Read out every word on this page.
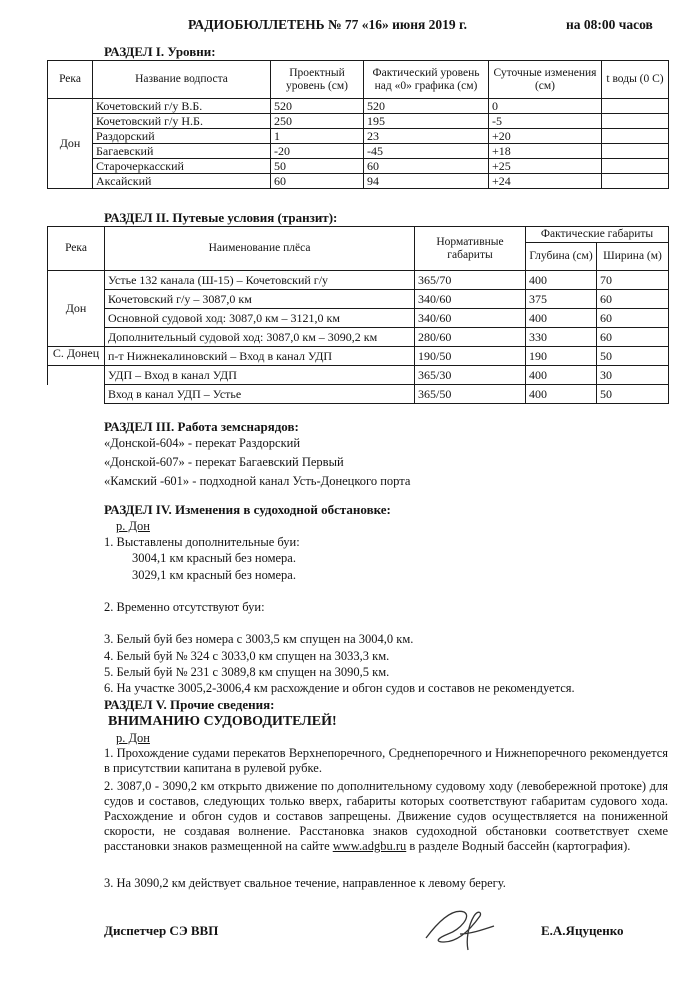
РАДИОБЮЛЛЕТЕНЬ № 77 «16» июня 2019 г.	на 08:00 часов
РАЗДЕЛ I. Уровни:
Река	Название водпоста	Проектный уровень (см)	Фактический уровень над «0» графика (см)	Суточные изменения (см)	t воды (0 С)
Дон	Кочетовский г/у В.Б.	520	520	0	
	Кочетовский г/у Н.Б.	250	195	-5	
	Раздорский	1	23	+20	
	Багаевский	-20	-45	+18	
	Старочеркасский	50	60	+25	
	Аксайский	60	94	+24	
РАЗДЕЛ II. Путевые условия (транзит):
Река	Наименование плёса	Нормативные габариты	Фактические габариты	
			Глубина (см)	Ширина (м)
Дон	Устье 132 канала (Ш-15) – Кочетовский г/у	365/70	400	70
	Кочетовский г/у – 3087,0 км	340/60	375	60
	Основной судовой ход: 3087,0 км – 3121,0 км	340/60	400	60
	Дополнительный судовой ход: 3087,0 км – 3090,2 км	280/60	330	60
С. Донец	п-т Нижнекалиновский – Вход в канал УДП	190/50	190	50
	УДП – Вход в канал УДП	365/30	400	30
	Вход в канал УДП – Устье	365/50	400	50
РАЗДЕЛ III. Работа земснарядов:
«Донской-604» - перекат Раздорский
«Донской-607» - перекат Багаевский Первый
«Камский -601» - подходной канал Усть-Донецкого порта
РАЗДЕЛ IV. Изменения в судоходной обстановке:
р. Дон
1. Выставлены дополнительные буи:
3004,1 км красный без номера.
3029,1 км красный без номера.
2. Временно отсутствуют буи:
3. Белый буй без номера с 3003,5 км спущен на 3004,0 км.
4. Белый буй № 324 с 3033,0 км спущен на 3033,3 км.
5. Белый буй № 231 с 3089,8 км спущен на 3090,5 км.
6. На участке 3005,2-3006,4 км расхождение и обгон судов и составов не рекомендуется.
РАЗДЕЛ V. Прочие сведения:
ВНИМАНИЮ СУДОВОДИТЕЛЕЙ!
р. Дон
1. Прохождение судами перекатов Верхнепоречного, Среднепоречного и Нижнепоречного рекомендуется в присутствии капитана в рулевой рубке.
2. 3087,0 - 3090,2 км открыто движение по дополнительному судовому ходу (левобережной протоке) для судов и составов, следующих только вверх, габариты которых соответствуют габаритам судового хода. Расхождение и обгон судов и составов запрещены. Движение судов осуществляется на пониженной скорости, не создавая волнение. Расстановка знаков судоходной обстановки соответствует схеме расстановки знаков размещенной на сайте www.adgbu.ru в разделе Водный бассейн (картография).
3. На 3090,2 км действует свальное течение, направленное к левому берегу.
Диспетчер СЭ ВВП	Е.А.Яцуценко
